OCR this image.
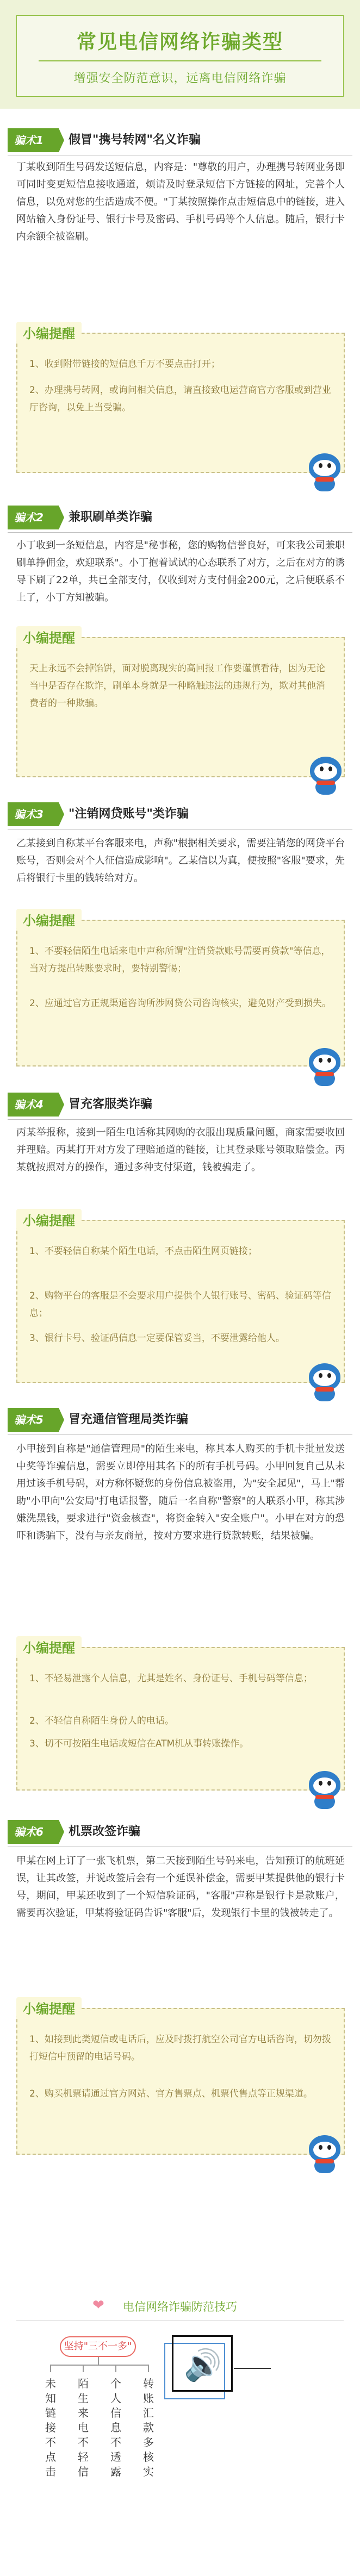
常见电信网络诈骗类型
增强安全防范意识，远离电信网络诈骗
骗术1	假冒"携号转网"名义诈骗
丁某收到陌生号码发送短信息，内容是："尊敬的用户，办理携号转网业务即可同时变更短信息接收通道，烦请及时登录短信下方链接的网址，完善个人信息，以免对您的生活造成不便。"丁某按照操作点击短信息中的链接，进入网站输入身份证号、银行卡号及密码、手机号码等个人信息。随后，银行卡内余额全被盗刷。
小编提醒
1、收到附带链接的短信息千万不要点击打开；
2、办理携号转网，或询问相关信息，请直接致电运营商官方客服或到营业厅咨询，以免上当受骗。
骗术2	兼职刷单类诈骗
小丁收到一条短信息，内容是"秘事秘，您的购物信誉良好，可来我公司兼职刷单挣佣金，欢迎联系"。小丁抱着试试的心态联系了对方，之后在对方的诱导下刷了22单，共已全部支付，仅收到对方支付佣金200元，之后便联系不上了，小丁方知被骗。
小编提醒
天上永远不会掉馅饼，面对脱离现实的高回报工作要谨慎看待，因为无论当中是否存在欺诈，刷单本身就是一种略触违法的违规行为，欺对其他消费者的一种欺骗。
骗术3	"注销网贷账号"类诈骗
乙某接到自称某平台客服来电，声称"根据相关要求，需要注销您的网贷平台账号，否则会对个人征信造成影响"。乙某信以为真，便按照"客服"要求，先后将银行卡里的钱转给对方。
小编提醒
1、不要轻信陌生电话来电中声称所谓"注销贷款账号需要再贷款"等信息，当对方提出转账要求时，要特别警惕；
2、应通过官方正规渠道咨询所涉网贷公司咨询核实，避免财产受到损失。
骗术4	冒充客服类诈骗
丙某举报称，接到一陌生电话称其网购的衣服出现质量问题，商家需要收回并理赔。丙某打开对方发了理赔通道的链接，让其登录账号领取赔偿金。丙某就按照对方的操作，通过多种支付渠道，钱被骗走了。
小编提醒
1、不要轻信自称某个陌生电话，不点击陌生网页链接；
2、购物平台的客服是不会要求用户提供个人银行账号、密码、验证码等信息；
3、银行卡号、验证码信息一定要保管妥当，不要泄露给他人。
骗术5	冒充通信管理局类诈骗
小甲接到自称是"通信管理局"的陌生来电，称其本人购买的手机卡批量发送中奖等诈骗信息，需要立即停用其名下的所有手机号码。小甲回复自己从未用过该手机号码，对方称怀疑您的身份信息被盗用，为"安全起见"，马上"帮助"小甲向"公安局"打电话报警，随后一名自称"警察"的人联系小甲，称其涉嫌洗黑钱，要求进行"资金核查"，将资金转入"安全账户"。小甲在对方的恐吓和诱骗下，没有与亲友商量，按对方要求进行贷款转账，结果被骗。
小编提醒
1、不轻易泄露个人信息，尤其是姓名、身份证号、手机号码等信息；
2、不轻信自称陌生身份人的电话。
3、切不可按陌生电话或短信在ATM机从事转账操作。
骗术6	机票改签诈骗
甲某在网上订了一张飞机票，第二天接到陌生号码来电，告知预订的航班延误，让其改签，并说改签后会有一个延误补偿金，需要甲某提供他的银行卡号，期间，甲某还收到了一个短信验证码，"客服"声称是银行卡是款账户，需要再次验证，甲某将验证码告诉"客服"后，发现银行卡里的钱被转走了。
小编提醒
1、如接到此类短信或电话后，应及时拨打航空公司官方电话咨询，切勿拨打短信中预留的电话号码。
2、购买机票请通过官方网站、官方售票点、机票代售点等正规渠道。
❤	电信网络诈骗防范技巧
坚持"三不一多"
未知链接不点击
陌生来电不轻信
个人信息不透露
转账汇款多核实
🔊
